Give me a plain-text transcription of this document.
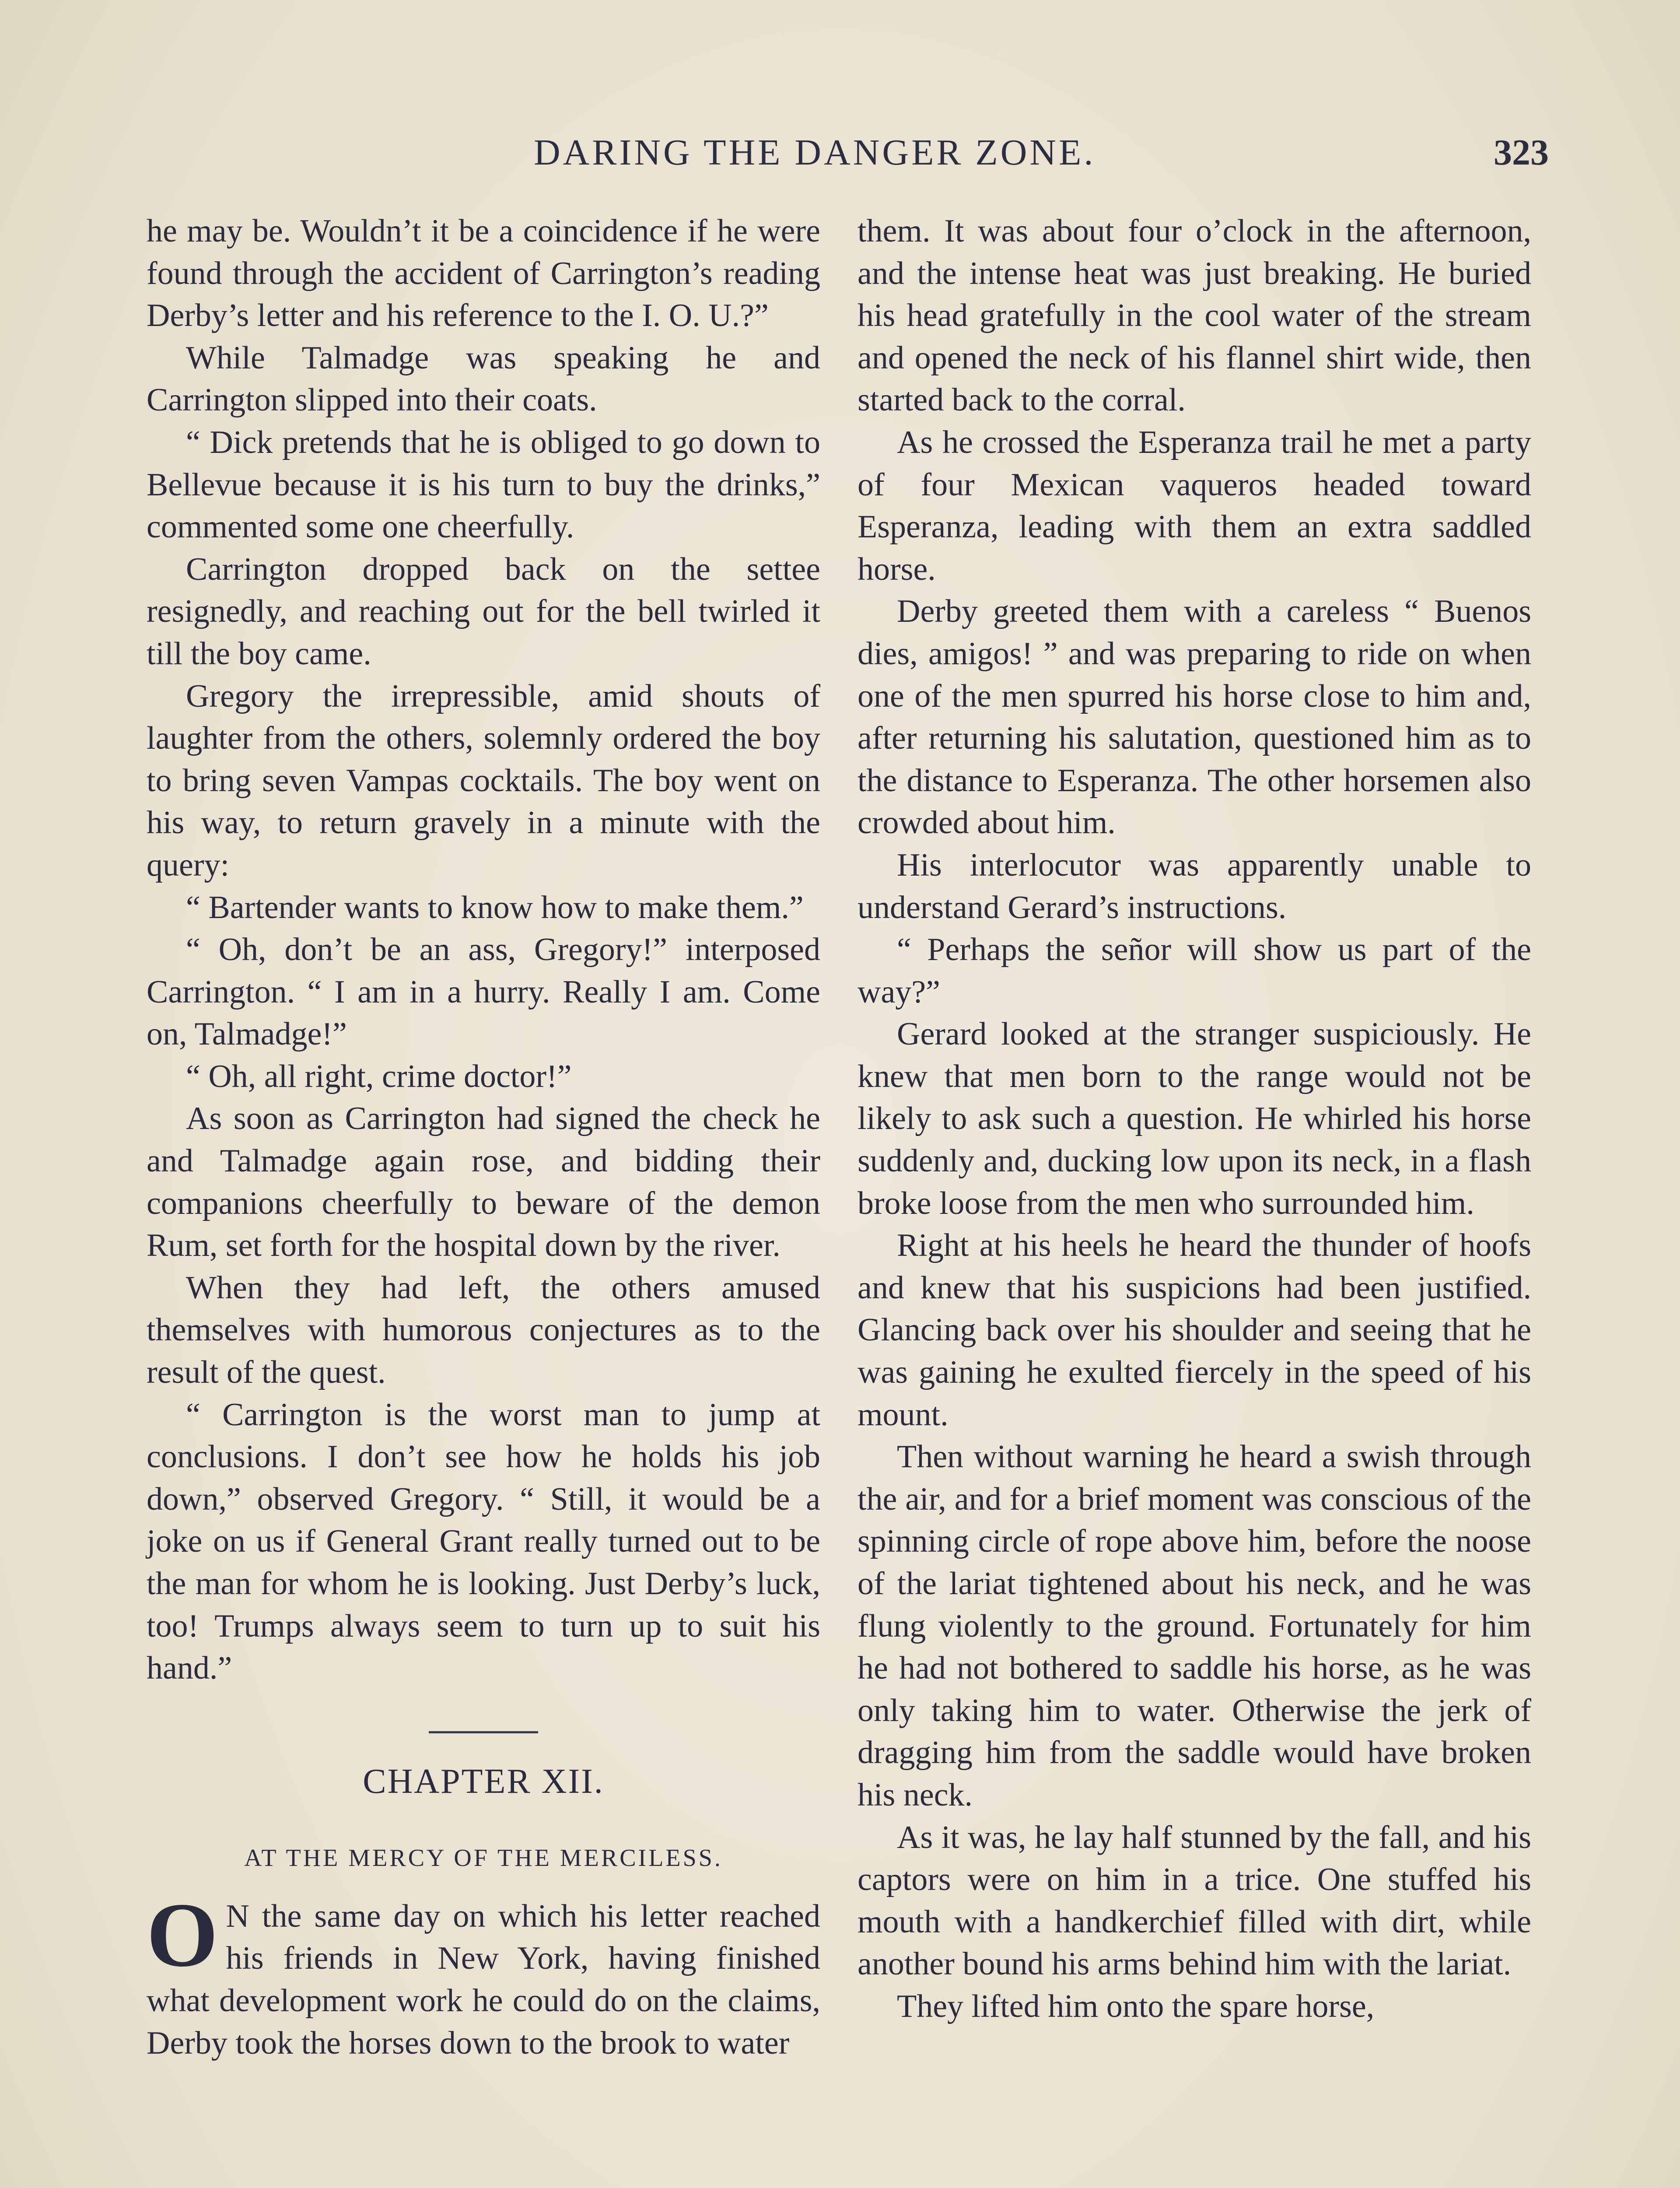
DARING THE DANGER ZONE.	323

he may be. Wouldn’t it be a coincidence if he were found through the accident of Carrington’s reading Derby’s letter and his reference to the I. O. U.?”

While Talmadge was speaking he and Carrington slipped into their coats.

“ Dick pretends that he is obliged to go down to Bellevue because it is his turn to buy the drinks,” commented some one cheerfully.

Carrington dropped back on the settee resignedly, and reaching out for the bell twirled it till the boy came.

Gregory the irrepressible, amid shouts of laughter from the others, solemnly ordered the boy to bring seven Vampas cocktails. The boy went on his way, to return gravely in a minute with the query:

“ Bartender wants to know how to make them.”

“ Oh, don’t be an ass, Gregory!” interposed Carrington. “ I am in a hurry. Really I am. Come on, Talmadge!”

“ Oh, all right, crime doctor!”

As soon as Carrington had signed the check he and Talmadge again rose, and bidding their companions cheerfully to beware of the demon Rum, set forth for the hospital down by the river.

When they had left, the others amused themselves with humorous conjectures as to the result of the quest.

“ Carrington is the worst man to jump at conclusions. I don’t see how he holds his job down,” observed Gregory. “ Still, it would be a joke on us if General Grant really turned out to be the man for whom he is looking. Just Derby’s luck, too! Trumps always seem to turn up to suit his hand.”

CHAPTER XII.
AT THE MERCY OF THE MERCILESS.

O N the same day on which his letter reached his friends in New York, having finished what development work he could do on the claims, Derby took the horses down to the brook to water

them. It was about four o’clock in the afternoon, and the intense heat was just breaking. He buried his head gratefully in the cool water of the stream and opened the neck of his flannel shirt wide, then started back to the corral.

As he crossed the Esperanza trail he met a party of four Mexican vaqueros headed toward Esperanza, leading with them an extra saddled horse.

Derby greeted them with a careless “ Buenos dies, amigos! ” and was preparing to ride on when one of the men spurred his horse close to him and, after returning his salutation, questioned him as to the distance to Esperanza. The other horsemen also crowded about him.

His interlocutor was apparently unable to understand Gerard’s instructions.

“ Perhaps the señor will show us part of the way?”

Gerard looked at the stranger suspiciously. He knew that men born to the range would not be likely to ask such a question. He whirled his horse suddenly and, ducking low upon its neck, in a flash broke loose from the men who surrounded him.

Right at his heels he heard the thunder of hoofs and knew that his suspicions had been justified. Glancing back over his shoulder and seeing that he was gaining he exulted fiercely in the speed of his mount.

Then without warning he heard a swish through the air, and for a brief moment was conscious of the spinning circle of rope above him, before the noose of the lariat tightened about his neck, and he was flung violently to the ground. Fortunately for him he had not bothered to saddle his horse, as he was only taking him to water. Otherwise the jerk of dragging him from the saddle would have broken his neck.

As it was, he lay half stunned by the fall, and his captors were on him in a trice. One stuffed his mouth with a handkerchief filled with dirt, while another bound his arms behind him with the lariat.

They lifted him onto the spare horse,
